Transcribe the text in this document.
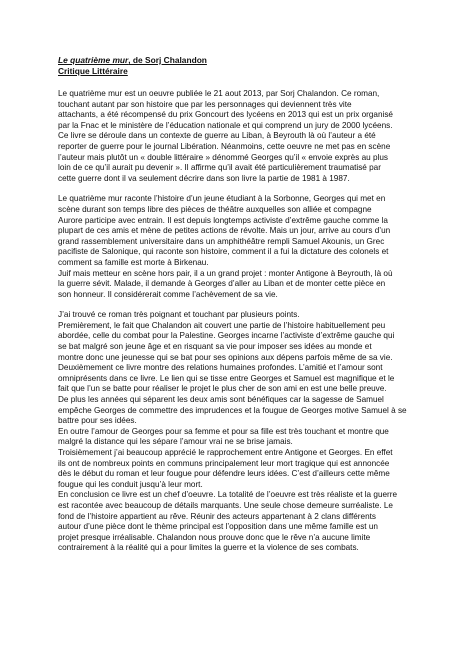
Le quatrième mur, de Sorj Chalandon
Critique Littéraire

Le quatrième mur est un oeuvre publiée le 21 aout 2013, par Sorj Chalandon. Ce roman,
touchant autant par son histoire que par les personnages qui deviennent très vite
attachants, a été récompensé du prix Goncourt des lycéens en 2013 qui est un prix organisé
par la Fnac et le ministère de l’éducation nationale et qui comprend un jury de 2000 lycéens.
Ce livre se déroule dans un contexte de guerre au Liban, à Beyrouth là où l’auteur a été
reporter de guerre pour le journal Libération. Néanmoins, cette oeuvre ne met pas en scène
l’auteur mais plutôt un « double littéraire » dénommé Georges qu’il « envoie exprès au plus
loin de ce qu’il aurait pu devenir ». Il affirme qu’il avait été particulièrement traumatisé par
cette guerre dont il va seulement décrire dans son livre la partie de 1981 à 1987.

Le quatrième mur raconte l’histoire d’un jeune étudiant à la Sorbonne, Georges qui met en
scène durant son temps libre des pièces de théâtre auxquelles son alliée et compagne
Aurore participe avec entrain. Il est depuis longtemps activiste d’extrême gauche comme la
plupart de ces amis et mène de petites actions de révolte. Mais un jour, arrive au cours d’un
grand rassemblement universitaire dans un amphithéâtre rempli Samuel Akounis, un Grec
pacifiste de Salonique, qui raconte son histoire, comment il a fui la dictature des colonels et
comment sa famille est morte à Birkenau.
Juif mais metteur en scène hors pair, il a un grand projet : monter Antigone à Beyrouth, là où
la guerre sévit. Malade, il demande à Georges d’aller au Liban et de monter cette pièce en
son honneur. Il considérerait comme l’achèvement de sa vie.

J’ai trouvé ce roman très poignant et touchant par plusieurs points.
Premièrement, le fait que Chalandon ait couvert une partie de l’histoire habituellement peu
abordée, celle du combat pour la Palestine. Georges incarne l’activiste d’extrême gauche qui
se bat malgré son jeune âge et en risquant sa vie pour imposer ses idées au monde et
montre donc une jeunesse qui se bat pour ses opinions aux dépens parfois même de sa vie.
Deuxièmement ce livre montre des relations humaines profondes. L’amitié et l’amour sont
omniprésents dans ce livre. Le lien qui se tisse entre Georges et Samuel est magnifique et le
fait que l’un se batte pour réaliser le projet le plus cher de son ami en est une belle preuve.
De plus les années qui séparent les deux amis sont bénéfiques car la sagesse de Samuel
empêche Georges de commettre des imprudences et la fougue de Georges motive Samuel à se
battre pour ses idées.
En outre l’amour de Georges pour sa femme et pour sa fille est très touchant et montre que
malgré la distance qui les sépare l’amour vrai ne se brise jamais.
Troisièmement j’ai beaucoup apprécié le rapprochement entre Antigone et Georges. En effet
ils ont de nombreux points en communs principalement leur mort tragique qui est annoncée
dès le début du roman et leur fougue pour défendre leurs idées. C’est d’ailleurs cette même
fougue qui les conduit jusqu’à leur mort.
En conclusion ce livre est un chef d’oeuvre. La totalité de l’oeuvre est très réaliste et la guerre
est racontée avec beaucoup de détails marquants. Une seule chose demeure surréaliste. Le
fond de l’histoire appartient au rêve. Réunir des acteurs appartenant à 2 clans différents
autour d’une pièce dont le thème principal est l’opposition dans une même famille est un
projet presque irréalisable. Chalandon nous prouve donc que le rêve n’a aucune limite
contrairement à la réalité qui a pour limites la guerre et la violence de ses combats.
